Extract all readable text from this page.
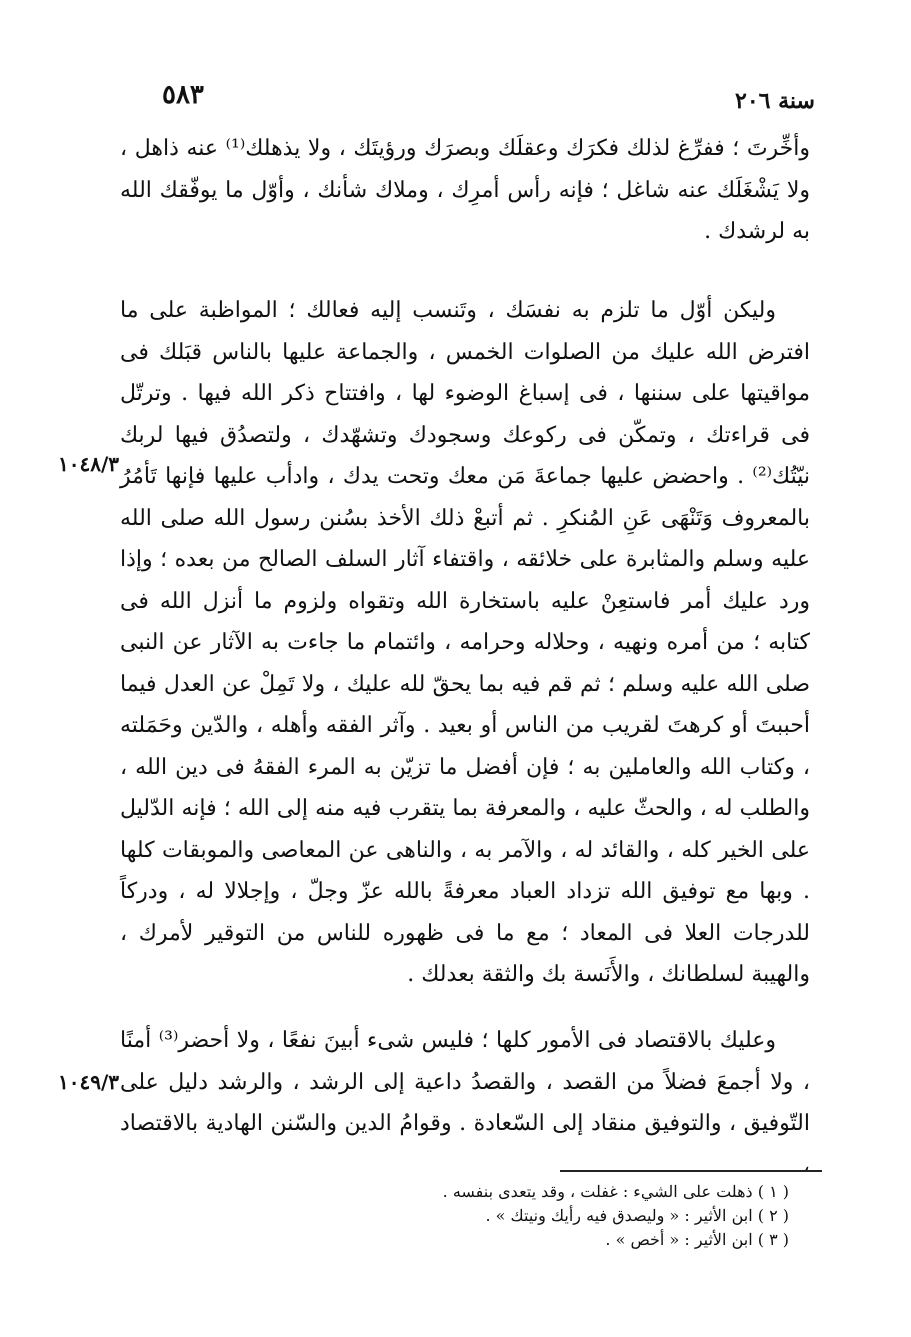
سنة ٢٠٦
٥٨٣

وأخِّرتَ ؛ ففرِّغ لذلك فكرَك وعقلَك وبصرَك ورؤيتَك ، ولا يذهلك⁽¹⁾ عنه ذاهل ، ولا يَشْغَلَك عنه شاغل ؛ فإنه رأس أمرِك ، وملاك شأنك ، وأوّل ما يوفّقك الله به لرشدك .

وليكن أوّل ما تلزم به نفسَك ، وتَنسب إليه فعالك ؛ المواظبة على ما افترض الله عليك من الصلوات الخمس ، والجماعة عليها بالناس قبَلك فى مواقيتها على سننها ، فى إسباغ الوضوء لها ، وافتتاح ذكر الله فيها . وترتّل فى قراءتك ، وتمكّن فى ركوعك وسجودك وتشهّدك ، ولتصدُق فيها لربك نيّتُك⁽²⁾ . واحضض عليها جماعةَ مَن معك وتحت يدك ، وادأب عليها فإنها تَأمُرُ بالمعروف وَتَنْهَى عَنِ المُنكرِ . ثم أتبعْ ذلك الأخذ بسُنن رسول الله صلى الله عليه وسلم والمثابرة على خلائقه ، واقتفاء آثار السلف الصالح من بعده ؛ وإذا ورد عليك أمر فاستعِنْ عليه باستخارة الله وتقواه ولزوم ما أنزل الله فى كتابه ؛ من أمره ونهيه ، وحلاله وحرامه ، وائتمام ما جاءت به الآثار عن النبى صلى الله عليه وسلم ؛ ثم قم فيه بما يحقّ لله عليك ، ولا تَمِلْ عن العدل فيما أحببتَ أو كرهتَ لقريب من الناس أو بعيد . وآثر الفقه وأهله ، والدّين وحَمَلته ، وكتاب الله والعاملين به ؛ فإن أفضل ما تزيّن به المرء الفقهُ فى دين الله ، والطلب له ، والحثّ عليه ، والمعرفة بما يتقرب فيه منه إلى الله ؛ فإنه الدّليل على الخير كله ، والقائد له ، والآمر به ، والناهى عن المعاصى والموبقات كلها . وبها مع توفيق الله تزداد العباد معرفةً بالله عزّ وجلّ ، وإجلالا له ، ودركاً للدرجات العلا فى المعاد ؛ مع ما فى ظهوره للناس من التوقير لأمرك ، والهيبة لسلطانك ، والأَنَسة بك والثقة بعدلك .

وعليك بالاقتصاد فى الأمور كلها ؛ فليس شىء أبينَ نفعًا ، ولا أحضر⁽³⁾ أمنًا ، ولا أجمعَ فضلاً من القصد ، والقصدُ داعية إلى الرشد ، والرشد دليل على التّوفيق ، والتوفيق منقاد إلى السّعادة . وقوامُ الدين والسّنن الهادية بالاقتصاد ،

١٠٤٨/٣
١٠٤٩/٣

( ١ ) ذهلت على الشيء : غفلت ، وقد يتعدى بنفسه .

( ٢ ) ابن الأثير : « وليصدق فيه رأيك ونيتك » .

( ٣ ) ابن الأثير : « أخص » .
